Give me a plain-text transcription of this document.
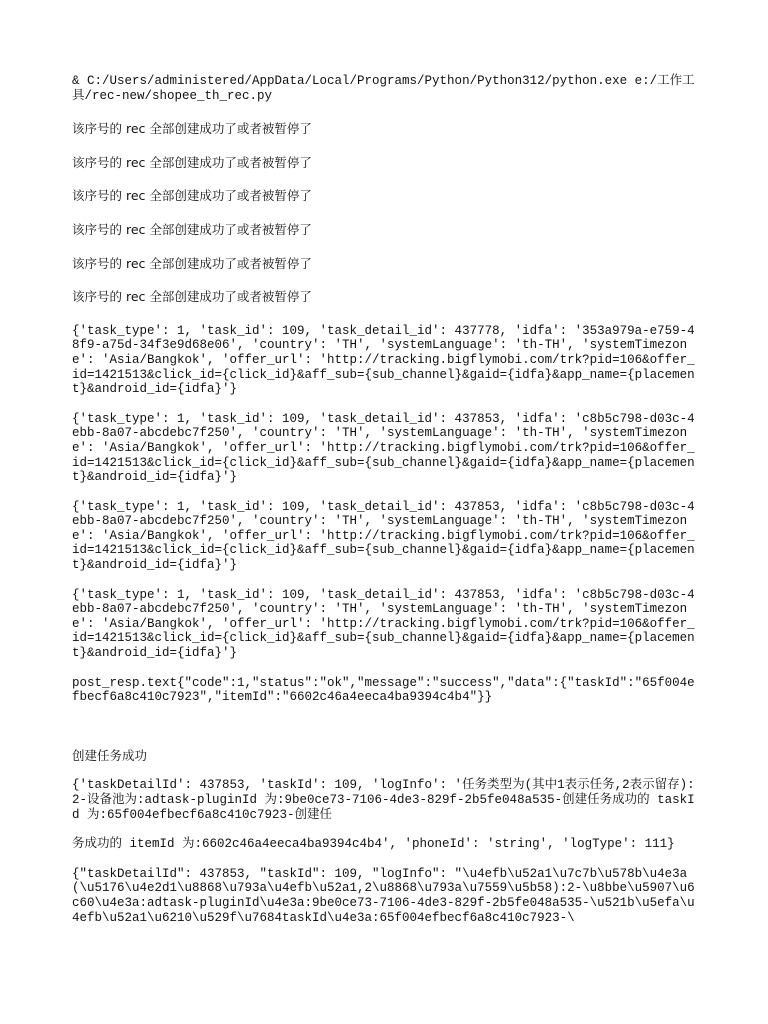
& C:/Users/administered/AppData/Local/Programs/Python/Python312/python.exe e:/工作工具/rec-new/shopee_th_rec.py

该序号的 rec 全部创建成功了或者被暂停了

该序号的 rec 全部创建成功了或者被暂停了

该序号的 rec 全部创建成功了或者被暂停了

该序号的 rec 全部创建成功了或者被暂停了

该序号的 rec 全部创建成功了或者被暂停了

该序号的 rec 全部创建成功了或者被暂停了

{'task_type': 1, 'task_id': 109, 'task_detail_id': 437778, 'idfa': '353a979a-e759-48f9-a75d-34f3e9d68e06', 'country': 'TH', 'systemLanguage': 'th-TH', 'systemTimezone': 'Asia/Bangkok', 'offer_url': 'http://tracking.bigflymobi.com/trk?pid=106&offer_id=1421513&click_id={click_id}&aff_sub={sub_channel}&gaid={idfa}&app_name={placement}&android_id={idfa}'}

{'task_type': 1, 'task_id': 109, 'task_detail_id': 437853, 'idfa': 'c8b5c798-d03c-4ebb-8a07-abcdebc7f250', 'country': 'TH', 'systemLanguage': 'th-TH', 'systemTimezone': 'Asia/Bangkok', 'offer_url': 'http://tracking.bigflymobi.com/trk?pid=106&offer_id=1421513&click_id={click_id}&aff_sub={sub_channel}&gaid={idfa}&app_name={placement}&android_id={idfa}'}

{'task_type': 1, 'task_id': 109, 'task_detail_id': 437853, 'idfa': 'c8b5c798-d03c-4ebb-8a07-abcdebc7f250', 'country': 'TH', 'systemLanguage': 'th-TH', 'systemTimezone': 'Asia/Bangkok', 'offer_url': 'http://tracking.bigflymobi.com/trk?pid=106&offer_id=1421513&click_id={click_id}&aff_sub={sub_channel}&gaid={idfa}&app_name={placement}&android_id={idfa}'}

{'task_type': 1, 'task_id': 109, 'task_detail_id': 437853, 'idfa': 'c8b5c798-d03c-4ebb-8a07-abcdebc7f250', 'country': 'TH', 'systemLanguage': 'th-TH', 'systemTimezone': 'Asia/Bangkok', 'offer_url': 'http://tracking.bigflymobi.com/trk?pid=106&offer_id=1421513&click_id={click_id}&aff_sub={sub_channel}&gaid={idfa}&app_name={placement}&android_id={idfa}'}

post_resp.text{"code":1,"status":"ok","message":"success","data":{"taskId":"65f004efbecf6a8c410c7923","itemId":"6602c46a4eeca4ba9394c4b4"}}

创建任务成功

{'taskDetailId': 437853, 'taskId': 109, 'logInfo': '任务类型为(其中1表示任务,2表示留存):2-设备池为:adtask-pluginId 为:9be0ce73-7106-4de3-829f-2b5fe048a535-创建任务成功的 taskId 为:65f004efbecf6a8c410c7923-创建任

务成功的 itemId 为:6602c46a4eeca4ba9394c4b4', 'phoneId': 'string', 'logType': 111}

{"taskDetailId": 437853, "taskId": 109, "logInfo": "\u4efb\u52a1\u7c7b\u578b\u4e3a(\u5176\u4e2d1\u8868\u793a\u4efb\u52a1,2\u8868\u793a\u7559\u5b58):2-\u8bbe\u5907\u6c60\u4e3a:adtask-pluginId\u4e3a:9be0ce73-7106-4de3-829f-2b5fe048a535-\u521b\u5efa\u4efb\u52a1\u6210\u529f\u7684taskId\u4e3a:65f004efbecf6a8c410c7923-\
